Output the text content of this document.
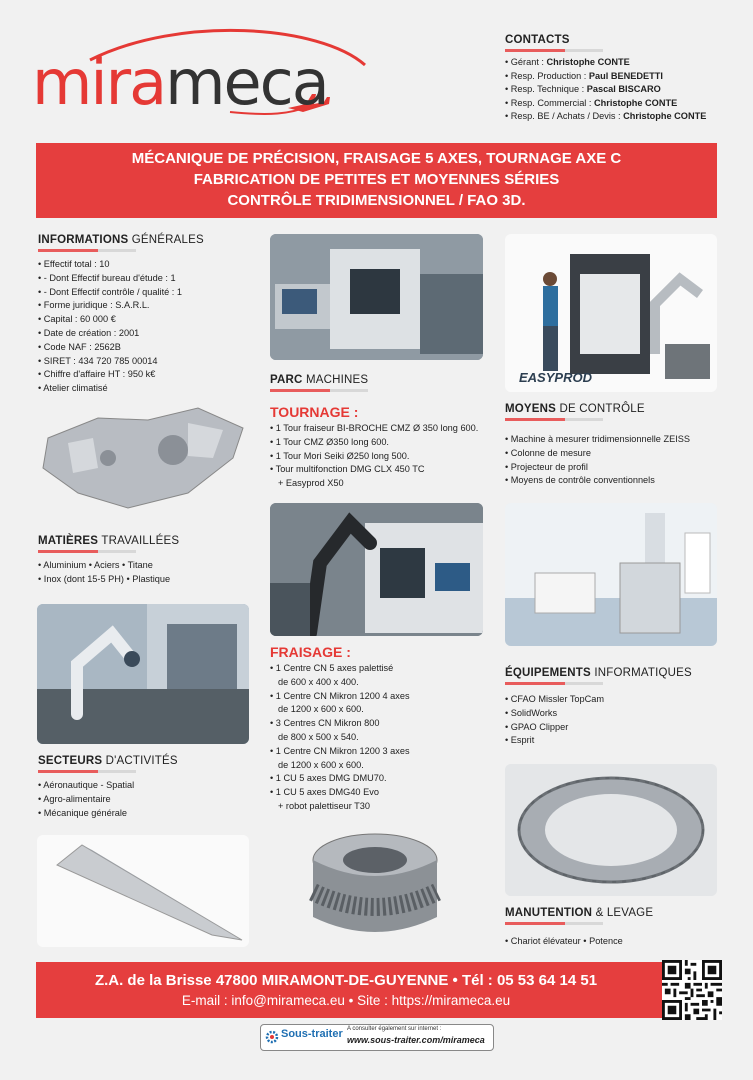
mirameca
CONTACTS
• Gérant : Christophe CONTE
• Resp. Production : Paul BENEDETTI
• Resp. Technique : Pascal BISCARO
• Resp. Commercial : Christophe CONTE
• Resp. BE / Achats / Devis : Christophe CONTE
MÉCANIQUE DE PRÉCISION, FRAISAGE 5 AXES, TOURNAGE AXE C
FABRICATION DE PETITES ET MOYENNES SÉRIES
CONTRÔLE TRIDIMENSIONNEL / FAO 3D.
INFORMATIONS GÉNÉRALES
• Effectif total : 10
• - Dont Effectif bureau d'étude : 1
• - Dont Effectif contrôle / qualité : 1
• Forme juridique : S.A.R.L.
• Capital : 60 000 €
• Date de création : 2001
• Code NAF : 2562B
• SIRET : 434 720 785 00014
• Chiffre d'affaire HT : 950 k€
• Atelier climatisé
MATIÈRES TRAVAILLÉES
• Aluminium • Aciers • Titane
• Inox (dont 15-5 PH) • Plastique
SECTEURS D'ACTIVITÉS
• Aéronautique - Spatial
• Agro-alimentaire
• Mécanique générale
PARC MACHINES
TOURNAGE :
• 1 Tour fraiseur BI-BROCHE CMZ Ø 350 long 600.
• 1 Tour CMZ Ø350 long 600.
• 1 Tour Mori Seiki Ø250 long 500.
• Tour multifonction DMG CLX 450 TC
+ Easyprod X50
FRAISAGE :
• 1 Centre CN 5 axes palettisé
de 600 x 400 x 400.
• 1 Centre CN Mikron 1200 4 axes
de 1200 x 600 x 600.
• 3 Centres CN Mikron 800
de 800 x 500 x 540.
• 1 Centre CN Mikron 1200 3 axes
de 1200 x 600 x 600.
• 1 CU 5 axes DMG DMU70.
• 1 CU 5 axes DMG40 Evo
+ robot palettiseur T30
EASYPROD
MOYENS DE CONTRÔLE
• Machine à mesurer tridimensionnelle ZEISS
• Colonne de mesure
• Projecteur de profil
• Moyens de contrôle conventionnels
ÉQUIPEMENTS INFORMATIQUES
• CFAO Missler TopCam
• SolidWorks
• GPAO Clipper
• Esprit
MANUTENTION & LEVAGE
• Chariot élévateur • Potence
Z.A. de la Brisse 47800 MIRAMONT-DE-GUYENNE • Tél : 05 53 64 14 51
E-mail : info@mirameca.eu • Site : https://mirameca.eu
Sous-traiter A consulter également sur internet :
www.sous-traiter.com/mirameca
